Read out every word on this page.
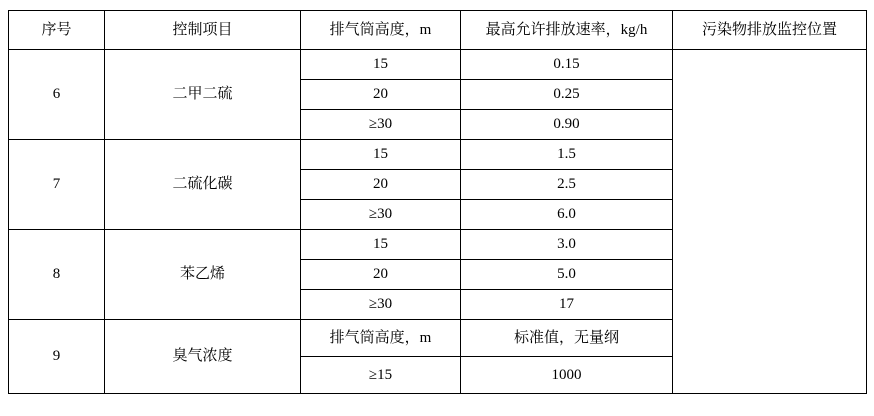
序号	控制项目	排气筒高度，m	最高允许排放速率，kg/h	污染物排放监控位置
6	二甲二硫	15	0.15	
		20	0.25	
		≥30	0.90	
7	二硫化碳	15	1.5	
		20	2.5	
		≥30	6.0	
8	苯乙烯	15	3.0	
		20	5.0	
		≥30	17	
9	臭气浓度	排气筒高度，m	标准值，无量纲	
		≥15	1000	
